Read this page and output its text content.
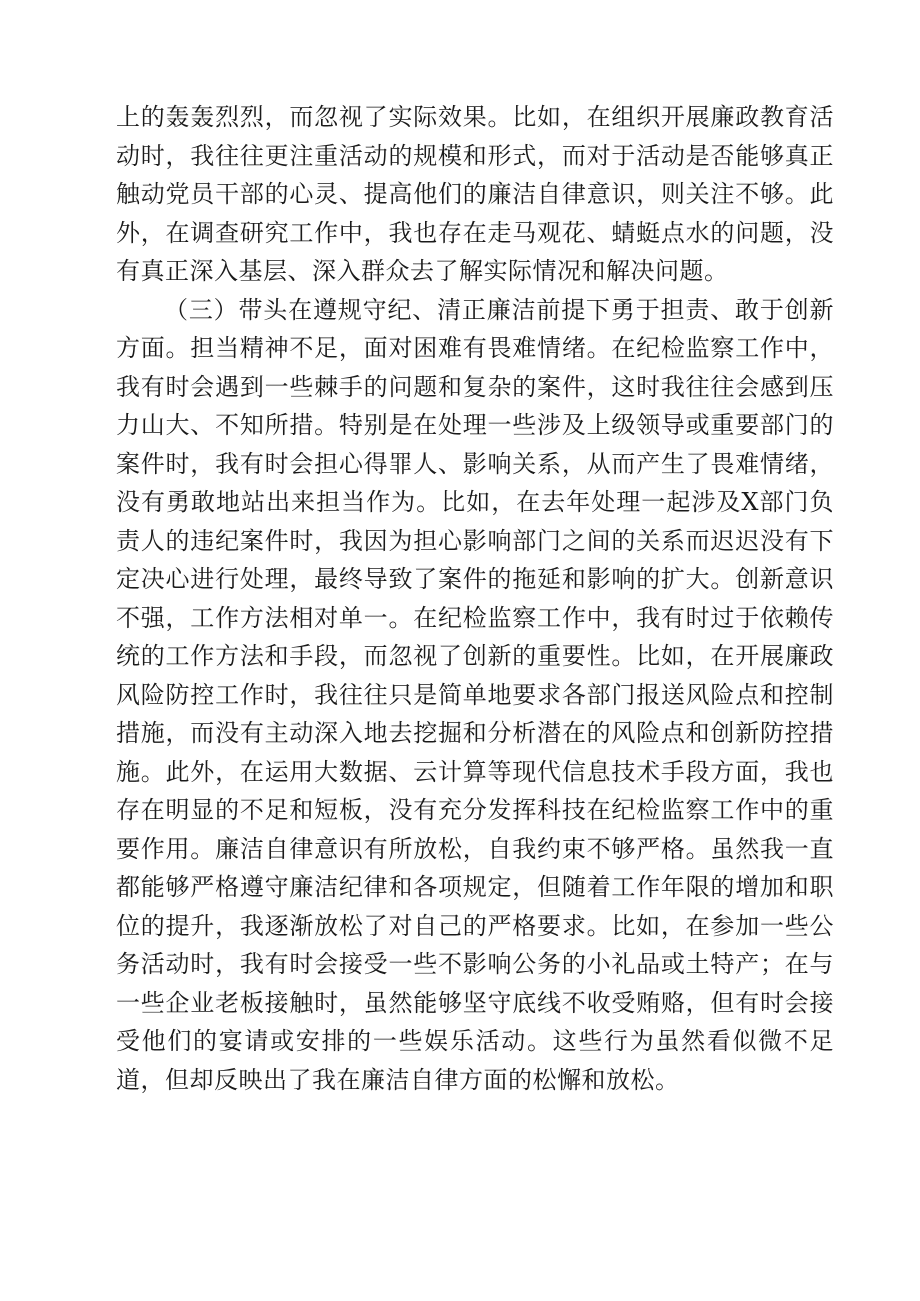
上的轰轰烈烈，而忽视了实际效果。比如，在组织开展廉政教育活动时，我往往更注重活动的规模和形式，而对于活动是否能够真正触动党员干部的心灵、提高他们的廉洁自律意识，则关注不够。此外，在调查研究工作中，我也存在走马观花、蜻蜓点水的问题，没有真正深入基层、深入群众去了解实际情况和解决问题。

（三）带头在遵规守纪、清正廉洁前提下勇于担责、敢于创新方面。担当精神不足，面对困难有畏难情绪。在纪检监察工作中，我有时会遇到一些棘手的问题和复杂的案件，这时我往往会感到压力山大、不知所措。特别是在处理一些涉及上级领导或重要部门的案件时，我有时会担心得罪人、影响关系，从而产生了畏难情绪，没有勇敢地站出来担当作为。比如，在去年处理一起涉及X部门负责人的违纪案件时，我因为担心影响部门之间的关系而迟迟没有下定决心进行处理，最终导致了案件的拖延和影响的扩大。创新意识不强，工作方法相对单一。在纪检监察工作中，我有时过于依赖传统的工作方法和手段，而忽视了创新的重要性。比如，在开展廉政风险防控工作时，我往往只是简单地要求各部门报送风险点和控制措施，而没有主动深入地去挖掘和分析潜在的风险点和创新防控措施。此外，在运用大数据、云计算等现代信息技术手段方面，我也存在明显的不足和短板，没有充分发挥科技在纪检监察工作中的重要作用。廉洁自律意识有所放松，自我约束不够严格。虽然我一直都能够严格遵守廉洁纪律和各项规定，但随着工作年限的增加和职位的提升，我逐渐放松了对自己的严格要求。比如，在参加一些公务活动时，我有时会接受一些不影响公务的小礼品或土特产；在与一些企业老板接触时，虽然能够坚守底线不收受贿赂，但有时会接受他们的宴请或安排的一些娱乐活动。这些行为虽然看似微不足道，但却反映出了我在廉洁自律方面的松懈和放松。
